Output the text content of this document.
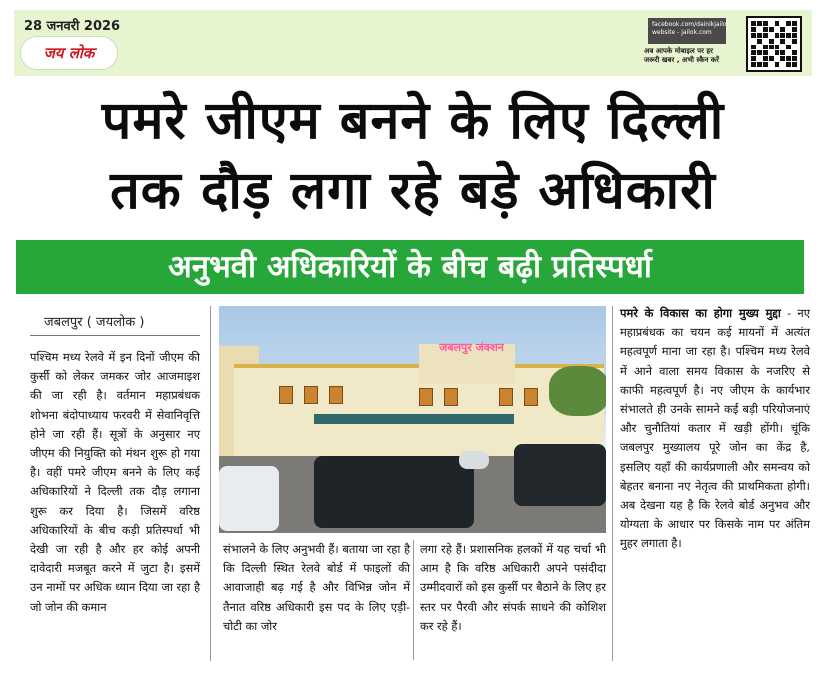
28 जनवरी 2026
जय लोक
facebook.com/dainikjailok
website - jailok.com
अब आपके मोबाइल पर हर जरूरी खबर , अभी स्कैन करें
पमरे जीएम बनने के लिए दिल्ली
तक दौड़ लगा रहे बड़े अधिकारी
अनुभवी अधिकारियों के बीच बढ़ी प्रतिस्पर्धा
जबलपुर ( जयलोक )
पश्चिम मध्य रेलवे में इन दिनों जीएम की कुर्सी को लेकर जमकर जोर आजमाइश की जा रही है। वर्तमान महाप्रबंधक शोभना बंदोपाध्याय फरवरी में सेवानिवृत्ति होने जा रही हैं। सूत्रों के अनुसार नए जीएम की नियुक्ति को मंथन शुरू हो गया है। वहीं पमरे जीएम बनने के लिए कई अधिकारियों ने दिल्ली तक दौड़ लगाना शुरू कर दिया है। जिसमें वरिष्ठ अधिकारियों के बीच कड़ी प्रतिस्पर्धा भी देखी जा रही है और हर कोई अपनी दावेदारी मजबूत करने में जुटा है। इसमें उन नामों पर अधिक ध्यान दिया जा रहा है जो जोन की कमान
जबलपुर जंक्शन
संभालने के लिए अनुभवी हैं। बताया जा रहा है कि दिल्ली स्थित रेलवे बोर्ड में फाइलों की आवाजाही बढ़ गई है और विभिन्न जोन में तैनात वरिष्ठ अधिकारी इस पद के लिए एड़ी-चोटी का जोर
लगा रहे हैं। प्रशासनिक हलकों में यह चर्चा भी आम है कि वरिष्ठ अधिकारी अपने पसंदीदा उम्मीदवारों को इस कुर्सी पर बैठाने के लिए हर स्तर पर पैरवी और संपर्क साधने की कोशिश कर रहे हैं।
पमरे के विकास का होगा मुख्य मुद्दा - नए महाप्रबंधक का चयन कई मायनों में अत्यंत महत्वपूर्ण माना जा रहा है। पश्चिम मध्य रेलवे में आने वाला समय विकास के नजरिए से काफी महत्वपूर्ण है। नए जीएम के कार्यभार संभालते ही उनके सामने कई बड़ी परियोजनाएं और चुनौतियां कतार में खड़ी होंगी। चूंकि जबलपुर मुख्यालय पूरे जोन का केंद्र है, इसलिए यहाँ की कार्यप्रणाली और समन्वय को बेहतर बनाना नए नेतृत्व की प्राथमिकता होगी। अब देखना यह है कि रेलवे बोर्ड अनुभव और योग्यता के आधार पर किसके नाम पर अंतिम मुहर लगाता है।
